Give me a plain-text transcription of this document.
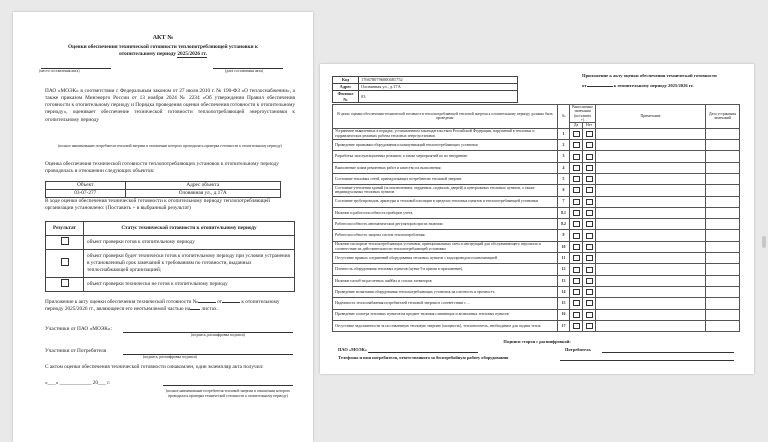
АКТ №
Оценки обеспечения технической готовности теплопотребляющей установки к
отопительному периоду 2025/2026 гг.
(место составления акта)	(дата составления акта)
ПАО «МОЭК» в соответствии с Федеральным законом от 27 июля 2010 г. № 190-ФЗ «О теплоснабжении», а также приказом Минэнерго России от 13 ноября 2024 № 2234 «Об утверждении Правил обеспечения готовности к отопительному периоду и Порядка проведения оценки обеспечения готовности к отопительному периоду», оценивает обеспечение технической готовности теплопотребляющей энергоустановки к отопительному периоду
(полное наименование потребителя тепловой энергии в отношении которого проводилась проверка готовности к отопительному периоду)
Оценка обеспечения технической готовности теплопотребляющих установок к отопительному периоду проводилась в отношении следующих объектов:
Объект	Адрес объекта
03-07-277	Оловянная ул., д.17А
В ходе оценки обеспечения технической готовности к отопительному периоду теплопотребляющей организации установлено: (Поставить + в выбранный результат)
Результат	Статус технической готовности к отопительному периоду
	объект проверки готов к отопительному периоду
	объект проверки будет технически готов к отопительному периоду при условии устранения в установленный срок замечаний к требованиям по готовности, выданных теплоснабжающей организацией;
	объект проверки технически не готов к отопительному периоду
Приложение к акту оценки обеспечения технической готовности №	от	к отопительному периоду 2025/2026 гг., являющееся его неотъемлемой частью на листах.
Участники от ПАО «МОЭК»:
(подпись, расшифровка подписи)
Участники от Потребителя
(подпись, расшифровка подписи)
С актом оценки обеспечения технической готовности ознакомлен, один экземпляр акта получил:
«___» ____________ 20___ г.
(полное наименование потребителя тепловой энергии в отношении которого проводилась проверка технической готовности к отопительному периоду)
Код	1766780796000481752
Адрес	Оловянная ул., д.17А
Филиал №	03
Приложение к акту оценки обеспечения технической готовности
от	к отопительному периоду 2025/2026 гг.
В целях оценки обеспечения технической готовности теплопотребляющей тепловой энергии к отопительному периоду должны быть проведены:	№	Выполненые замечания (поставить +)		Примечание	Дата устранения замечаний
		Да	Нет		
Устранение выявленных в порядке, установленном законодательством Российской Федерации, нарушений в тепловых и гидравлических режимах работы тепловых энергоустановок	1				
Проведение промывки оборудования и коммуникаций теплопотребляющих установок	2				
Разработка эксплуатационных режимов, а также мероприятий по их внедрению	3				
Выполнение плана ремонтных работ и качество их выполнения	4				
Состояние тепловых сетей, принадлежащих потребителю тепловой энергии	5				
Состояние утепления зданий (за исключением, чердачных, подвалов, дверей) и центральных тепловых пунктов, а также индивидуальных тепловых пунктов	6				
Состояние трубопроводов, арматуры и тепловой изоляции в пределах тепловых пунктов и теплопотребляющей установки	7				
Наличие и работоспособность приборов учета,	8.1				
Работоспособность автоматических регуляторов при их наличии	8.2				
Работоспособность защиты систем теплопотребления	9				
Наличие паспортов теплопотребляющих установок, принципиальных схем и инструкций для обслуживающего персонала и соответствие их действительности теплопотребляющей установки	10				
Отсутствие прямых соединений оборудования тепловых пунктов с водопроводом и канализацией	11				
Плотность оборудования тепловых пунктов (пункт 9 в прими в приложение),	12				
Наличие пломб на расчетных шайбах и соплах элеваторов	13				
Проведение испытания оборудования теплопотребляющих установок на плотность и прочность	14				
Надежность теплоснабжения потребителей тепловой энергии в соответствии с ...	15				
Проведение осмотра тепловых пунктов на предмет наличия сливающих и возможных тепловых пунктов	16				
Отсутствие задолженности за поставленную тепловую энергию (мощность), теплоноситель, необходимое для подачи тепла	17				
Подписи сторон с расшифровкой:
ПАО «МОЭК»	Потребитель
Телефоны и имя потребителя, ответственного за бесперебойную работу оборудования
